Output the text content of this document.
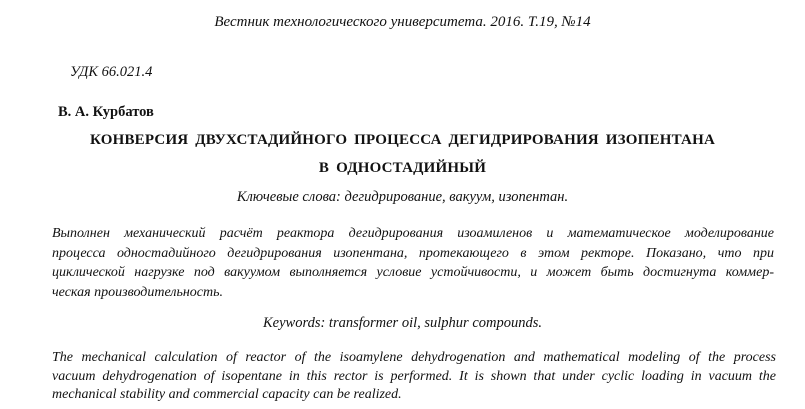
Вестник технологического университета. 2016. Т.19, №14
УДК 66.021.4
В. А. Курбатов
КОНВЕРСИЯ ДВУХСТАДИЙНОГО ПРОЦЕССА ДЕГИДРИРОВАНИЯ ИЗОПЕНТАНА
В ОДНОСТАДИЙНЫЙ
Ключевые слова: дегидрирование, вакуум, изопентан.
Выполнен механический расчёт реактора дегидрирования изоамиленов и математическое моделирование
процесса одностадийного дегидрирования изопентана, протекающего в этом ректоре. Показано, что при
циклической нагрузке под вакуумом выполняется условие устойчивости, и может быть достигнута коммер-
ческая производительность.
Keywords: transformer oil, sulphur compounds.
The mechanical calculation of reactor of the isoamylene dehydrogenation and mathematical modeling of the process
vacuum dehydrogenation of isopentane in this rector is performed. It is shown that under cyclic loading in vacuum the
mechanical stability and commercial capacity can be realized.
